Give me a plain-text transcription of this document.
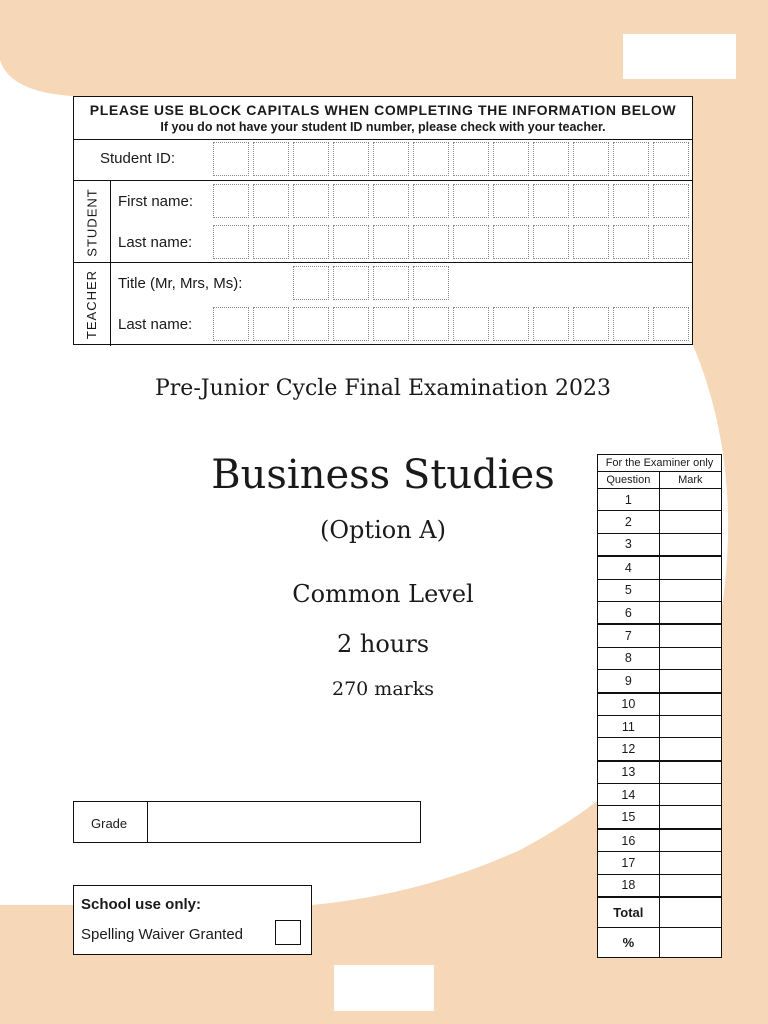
PLEASE USE BLOCK CAPITALS WHEN COMPLETING THE INFORMATION BELOW
If you do not have your student ID number, please check with your teacher.
Student ID:
STUDENT First name:
Last name:
TEACHER Title (Mr, Mrs, Ms):
Last name:
Pre-Junior Cycle Final Examination 2023
Business Studies
(Option A)
Common Level
2 hours
270 marks
For the Examiner only	
Question	Mark
1	
2	
3	
4	
5	
6	
7	
8	
9	
10	
11	
12	
13	
14	
15	
16	
17	
18	
Total	
%	
Grade
School use only:
Spelling Waiver Granted
